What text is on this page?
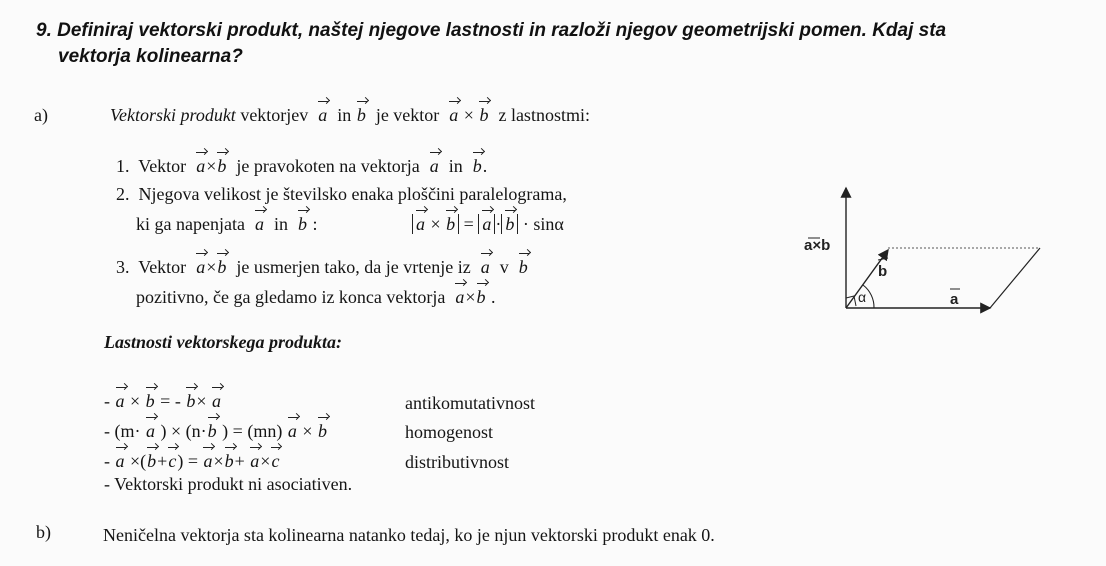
9. Definiraj vektorski produkt, naštej njegove lastnosti in razloži njegov geometrijski pomen. Kdaj sta
vektorja kolinearna?
a)	Vektorski produkt vektorjev a in b je vektor a × b z lastnostmi:
1. Vektor a×b je pravokoten na vektorja a in b.
2. Njegova velikost je številsko enaka ploščini paralelograma,
ki ga napenjata a in b :	a × b = a · b · sinα
3. Vektor a×b je usmerjen tako, da je vrtenje iz a v b
pozitivno, če ga gledamo iz konca vektorja a×b .
a×b
b
a
α
Lastnosti vektorskega produkta:
- a × b = - b× a	antikomutativnost
- (m· a ) × (n·b ) = (mn) a × b	homogenost
- a ×(b+c) = a×b+ a×c	distributivnost
- Vektorski produkt ni asociativen.
b)	Neničelna vektorja sta kolinearna natanko tedaj, ko je njun vektorski produkt enak 0.
